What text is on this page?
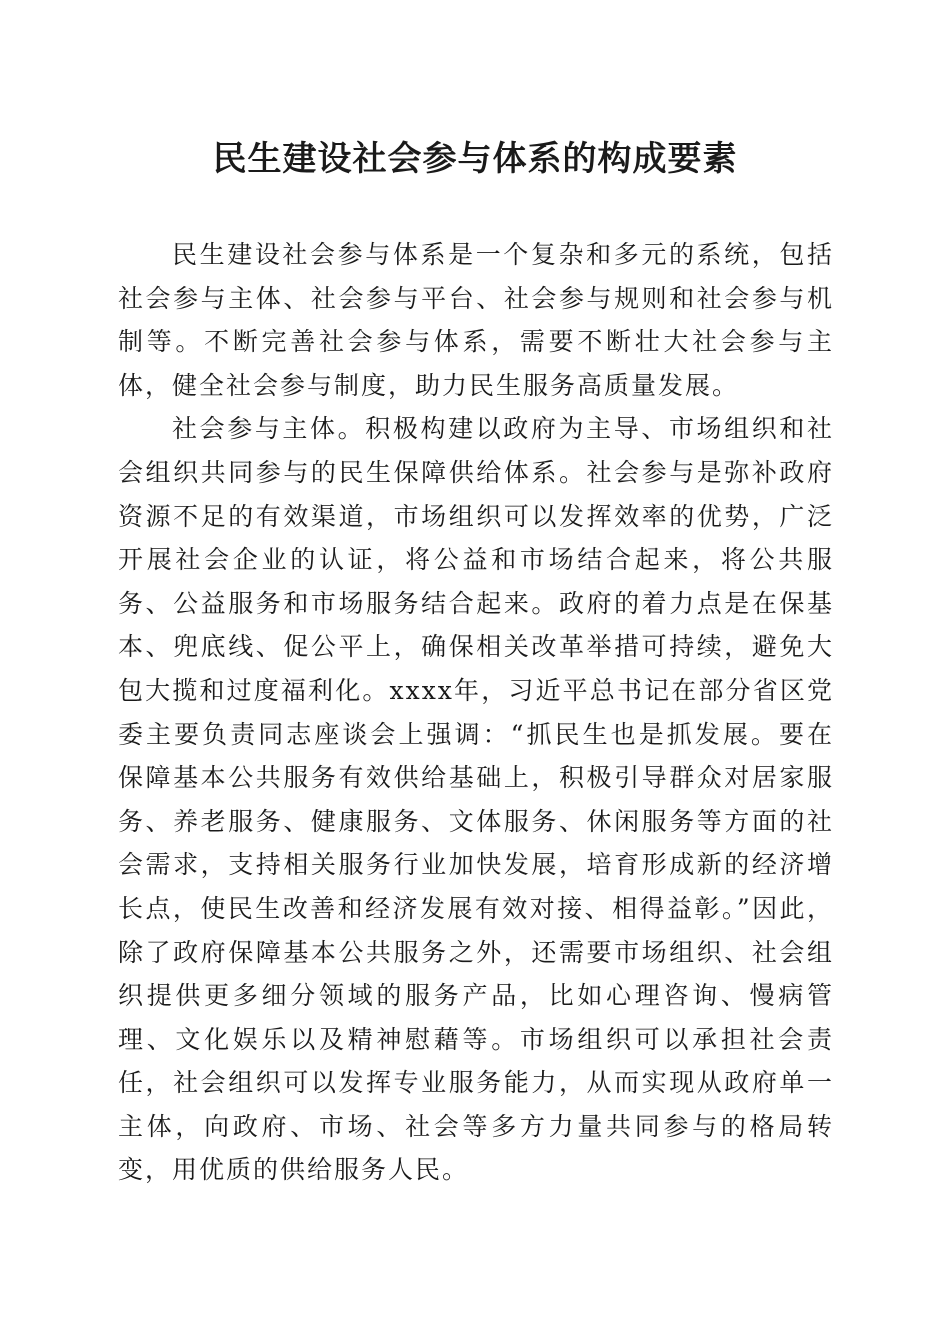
民生建设社会参与体系的构成要素

民生建设社会参与体系是一个复杂和多元的系统，包括社会参与主体、社会参与平台、社会参与规则和社会参与机制等。不断完善社会参与体系，需要不断壮大社会参与主体，健全社会参与制度，助力民生服务高质量发展。

社会参与主体。积极构建以政府为主导、市场组织和社会组织共同参与的民生保障供给体系。社会参与是弥补政府资源不足的有效渠道，市场组织可以发挥效率的优势，广泛开展社会企业的认证，将公益和市场结合起来，将公共服务、公益服务和市场服务结合起来。政府的着力点是在保基本、兜底线、促公平上，确保相关改革举措可持续，避免大包大揽和过度福利化。xxxx年，习近平总书记在部分省区党委主要负责同志座谈会上强调：“抓民生也是抓发展。要在保障基本公共服务有效供给基础上，积极引导群众对居家服务、养老服务、健康服务、文体服务、休闲服务等方面的社会需求，支持相关服务行业加快发展，培育形成新的经济增长点，使民生改善和经济发展有效对接、相得益彰。”因此，除了政府保障基本公共服务之外，还需要市场组织、社会组织提供更多细分领域的服务产品，比如心理咨询、慢病管理、文化娱乐以及精神慰藉等。市场组织可以承担社会责任，社会组织可以发挥专业服务能力，从而实现从政府单一主体，向政府、市场、社会等多方力量共同参与的格局转变，用优质的供给服务人民。
